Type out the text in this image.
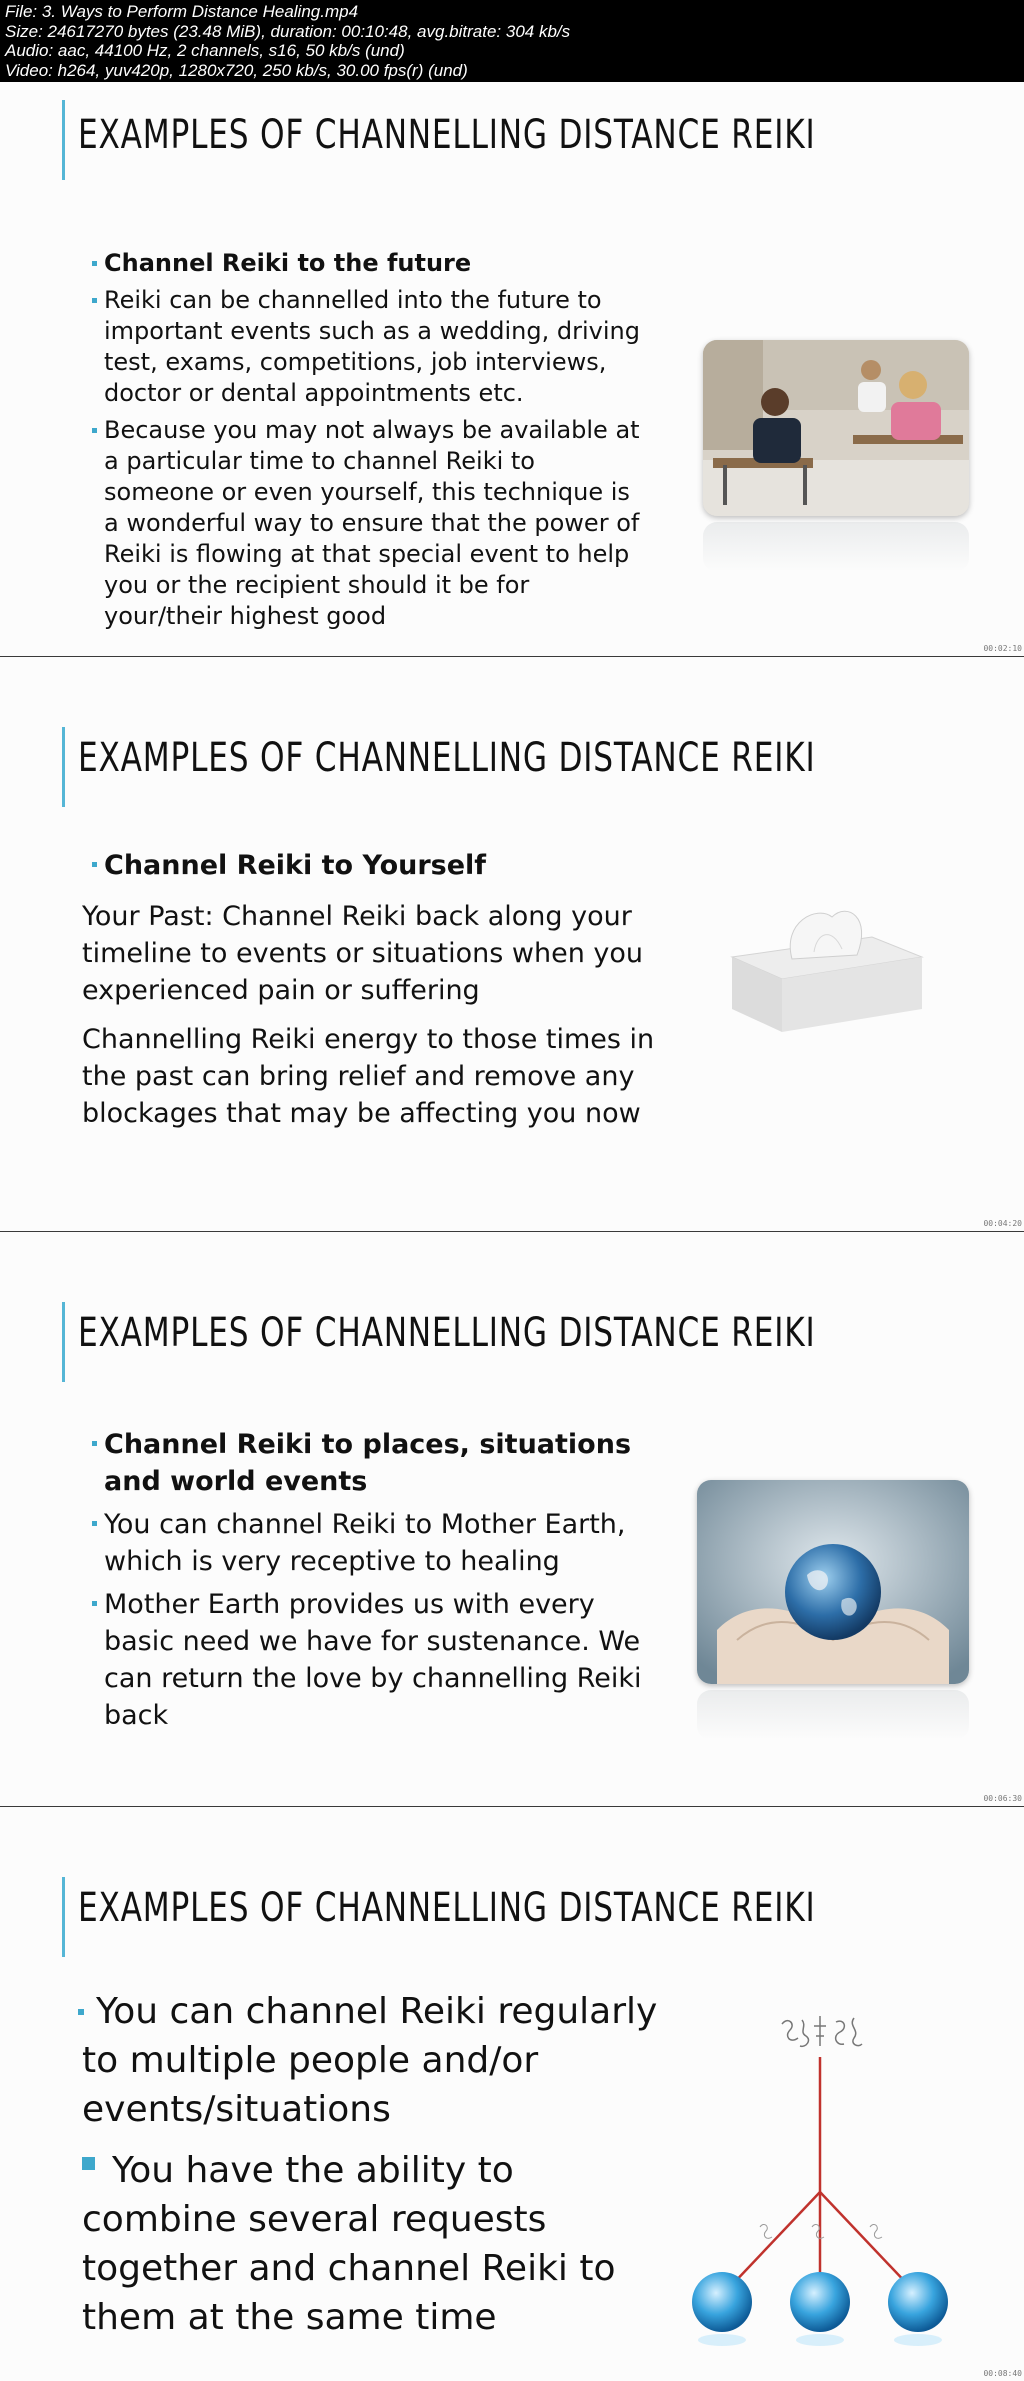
File: 3. Ways to Perform Distance Healing.mp4
Size: 24617270 bytes (23.48 MiB), duration: 00:10:48, avg.bitrate: 304 kb/s
Audio: aac, 44100 Hz, 2 channels, s16, 50 kb/s (und)
Video: h264, yuv420p, 1280x720, 250 kb/s, 30.00 fps(r) (und)
EXAMPLES OF CHANNELLING DISTANCE REIKI
Channel Reiki to the future
Reiki can be channelled into the future to important events such as a wedding, driving test, exams, competitions, job interviews, doctor or dental appointments etc.
Because you may not always be available at a particular time to channel Reiki to someone or even yourself, this technique is a wonderful way to ensure that the power of Reiki is flowing at that special event to help you or the recipient should it be for your/their highest good
00:02:10
EXAMPLES OF CHANNELLING DISTANCE REIKI
Channel Reiki to Yourself
Your Past: Channel Reiki back along your timeline to events or situations when you experienced pain or suffering
Channelling Reiki energy to those times in the past can bring relief and remove any blockages that may be affecting you now
00:04:20
EXAMPLES OF CHANNELLING DISTANCE REIKI
Channel Reiki to places, situations and world events
You can channel Reiki to Mother Earth, which is very receptive to healing
Mother Earth provides us with every basic need we have for sustenance. We can return the love by channelling Reiki back
00:06:30
EXAMPLES OF CHANNELLING DISTANCE REIKI
You can channel Reiki regularly to multiple people and/or events/situations
You have the ability to combine several requests together and channel Reiki to them at the same time
00:08:40
